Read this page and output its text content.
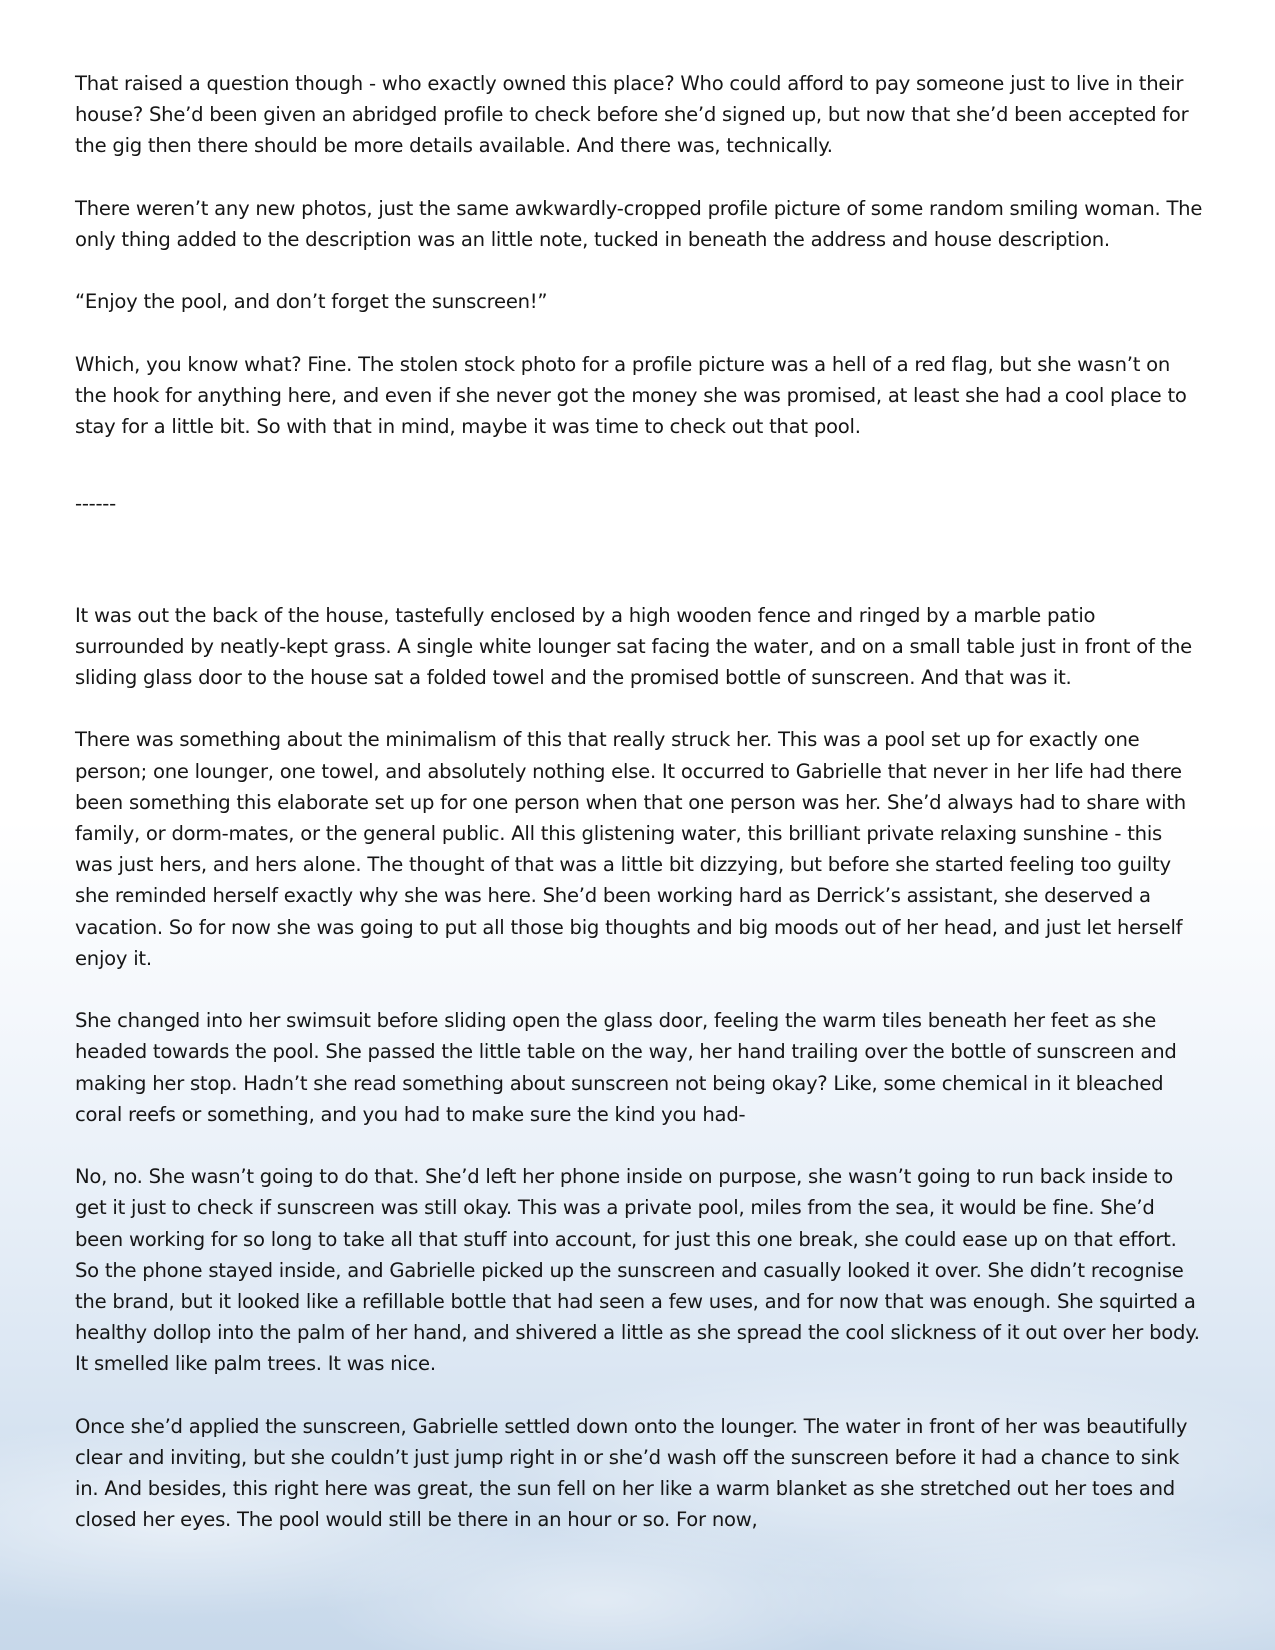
That raised a question though - who exactly owned this place? Who could afford to pay someone just to live in their house? She’d been given an abridged profile to check before she’d signed up, but now that she’d been accepted for the gig then there should be more details available. And there was, technically.

There weren’t any new photos, just the same awkwardly-cropped profile picture of some random smiling woman. The only thing added to the description was an little note, tucked in beneath the address and house description.

“Enjoy the pool, and don’t forget the sunscreen!”

Which, you know what? Fine. The stolen stock photo for a profile picture was a hell of a red flag, but she wasn’t on the hook for anything here, and even if she never got the money she was promised, at least she had a cool place to stay for a little bit. So with that in mind, maybe it was time to check out that pool.

------

It was out the back of the house, tastefully enclosed by a high wooden fence and ringed by a marble patio surrounded by neatly-kept grass. A single white lounger sat facing the water, and on a small table just in front of the sliding glass door to the house sat a folded towel and the promised bottle of sunscreen. And that was it.

There was something about the minimalism of this that really struck her. This was a pool set up for exactly one person; one lounger, one towel, and absolutely nothing else. It occurred to Gabrielle that never in her life had there been something this elaborate set up for one person when that one person was her. She’d always had to share with family, or dorm-mates, or the general public. All this glistening water, this brilliant private relaxing sunshine - this was just hers, and hers alone. The thought of that was a little bit dizzying, but before she started feeling too guilty she reminded herself exactly why she was here. She’d been working hard as Derrick’s assistant, she deserved a vacation. So for now she was going to put all those big thoughts and big moods out of her head, and just let herself enjoy it.

She changed into her swimsuit before sliding open the glass door, feeling the warm tiles beneath her feet as she headed towards the pool. She passed the little table on the way, her hand trailing over the bottle of sunscreen and making her stop. Hadn’t she read something about sunscreen not being okay? Like, some chemical in it bleached coral reefs or something, and you had to make sure the kind you had-

No, no. She wasn’t going to do that. She’d left her phone inside on purpose, she wasn’t going to run back inside to get it just to check if sunscreen was still okay. This was a private pool, miles from the sea, it would be fine. She’d been working for so long to take all that stuff into account, for just this one break, she could ease up on that effort. So the phone stayed inside, and Gabrielle picked up the sunscreen and casually looked it over. She didn’t recognise the brand, but it looked like a refillable bottle that had seen a few uses, and for now that was enough. She squirted a healthy dollop into the palm of her hand, and shivered a little as she spread the cool slickness of it out over her body. It smelled like palm trees. It was nice.

Once she’d applied the sunscreen, Gabrielle settled down onto the lounger. The water in front of her was beautifully clear and inviting, but she couldn’t just jump right in or she’d wash off the sunscreen before it had a chance to sink in. And besides, this right here was great, the sun fell on her like a warm blanket as she stretched out her toes and closed her eyes. The pool would still be there in an hour or so. For now,
